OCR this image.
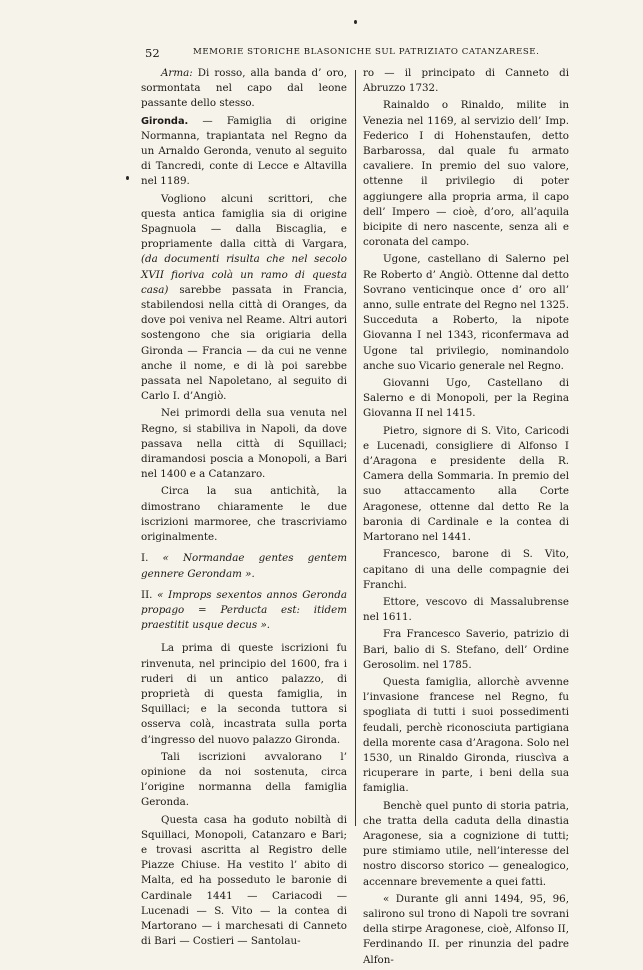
52	MEMORIE STORICHE BLASONICHE SUL PATRIZIATO CATANZARESE.

Arma: Di rosso, alla banda d’ oro, sormontata nel capo dal leone passante dello stesso.

Gironda. — Famiglia di origine Normanna, trapiantata nel Regno da un Arnaldo Geronda, venuto al seguito di Tancredi, conte di Lecce e Altavilla nel 1189.

Vogliono alcuni scrittori, che questa antica famiglia sia di origine Spagnuola — dalla Biscaglia, e propriamente dalla città di Vargara, (da documenti risulta che nel secolo XVII fioriva colà un ramo di questa casa) sarebbe passata in Francia, stabilendosi nella città di Oranges, da dove poi veniva nel Reame. Altri autori sostengono che sia origiaria della Gironda — Francia — da cui ne venne anche il nome, e di là poi sarebbe passata nel Napoletano, al seguito di Carlo I. d’Angiò.

Nei primordi della sua venuta nel Regno, si stabiliva in Napoli, da dove passava nella città di Squillaci; diramandosi poscia a Monopoli, a Bari nel 1400 e a Catanzaro.

Circa la sua antichità, la dimostrano chiaramente le due iscrizioni marmoree, che trascriviamo originalmente.

I. « Normandae gentes gentem gennere Gerondam ».

II. « Improps sexentos annos Geronda propago = Perducta est: itidem praestitit usque decus ».

La prima di queste iscrizioni fu rinvenuta, nel principio del 1600, fra i ruderi di un antico palazzo, di proprietà di questa famiglia, in Squillaci; e la seconda tuttora si osserva colà, incastrata sulla porta d’ingresso del nuovo palazzo Gironda.

Tali iscrizioni avvalorano l’ opinione da noi sostenuta, circa l’origine normanna della famiglia Geronda.

Questa casa ha goduto nobiltà di Squillaci, Monopoli, Catanzaro e Bari; e trovasi ascritta al Registro delle Piazze Chiuse. Ha vestito l’ abito di Malta, ed ha posseduto le baronie di Cardinale 1441 — Cariacodi — Lucenadi — S. Vito — la contea di Martorano — i marchesati di Canneto di Bari — Costieri — Santolau-

ro — il principato di Canneto di Abruzzo 1732.

Rainaldo o Rinaldo, milite in Venezia nel 1169, al servizio dell’ Imp. Federico I di Hohenstaufen, detto Barbarossa, dal quale fu armato cavaliere. In premio del suo valore, ottenne il privilegio di poter aggiungere alla propria arma, il capo dell’ Impero — cioè, d’oro, all’aquila bicipite di nero nascente, senza ali e coronata del campo.

Ugone, castellano di Salerno pel Re Roberto d’ Angiò. Ottenne dal detto Sovrano venticinque once d’ oro all’ anno, sulle entrate del Regno nel 1325. Succeduta a Roberto, la nipote Giovanna I nel 1343, riconfermava ad Ugone tal privilegio, nominandolo anche suo Vicario generale nel Regno.

Giovanni Ugo, Castellano di Salerno e di Monopoli, per la Regina Giovanna II nel 1415.

Pietro, signore di S. Vito, Caricodi e Lucenadi, consigliere di Alfonso I d’Aragona e presidente della R. Camera della Sommaria. In premio del suo attaccamento alla Corte Aragonese, ottenne dal detto Re la baronia di Cardinale e la contea di Martorano nel 1441.

Francesco, barone di S. Vito, capitano di una delle compagnie dei Franchi.

Ettore, vescovo di Massalubrense nel 1611.

Fra Francesco Saverio, patrizio di Bari, balio di S. Stefano, dell’ Ordine Gerosolim. nel 1785.

Questa famiglia, allorchè avvenne l’invasione francese nel Regno, fu spogliata di tutti i suoi possedimenti feudali, perchè riconosciuta partigiana della morente casa d’Aragona. Solo nel 1530, un Rinaldo Gironda, riuscìva a ricuperare in parte, i beni della sua famiglia.

Benchè quel punto di storia patria, che tratta della caduta della dinastia Aragonese, sia a cognizione di tutti; pure stimiamo utile, nell’interesse del nostro discorso storico — genealogico, accennare brevemente a quei fatti.

« Durante gli anni 1494, 95, 96, salirono sul trono di Napoli tre sovrani della stirpe Aragonese, cioè, Alfonso II, Ferdinando II. per rinunzia del padre Alfon-
